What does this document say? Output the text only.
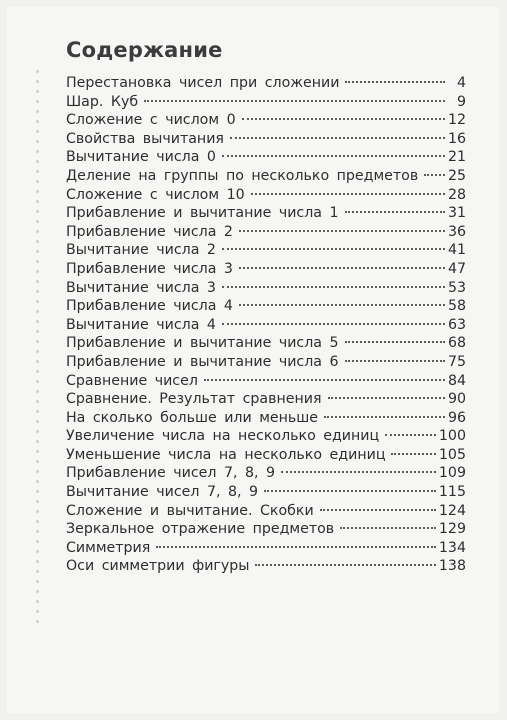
Содержание
Перестановка чисел при сложении	4
Шар. Куб	9
Сложение с числом 0	12
Свойства вычитания	16
Вычитание числа 0	21
Деление на группы по несколько предметов 25
Сложение с числом 10	28
Прибавление и вычитание числа 1	31
Прибавление числа 2	36
Вычитание числа 2	41
Прибавление числа 3	47
Вычитание числа 3	53
Прибавление числа 4	58
Вычитание числа 4	63
Прибавление и вычитание числа 5	68
Прибавление и вычитание числа 6	75
Сравнение чисел	84
Сравнение. Результат сравнения	90
На сколько больше или меньше	96
Увеличение числа на несколько единиц	100
Уменьшение числа на несколько единиц	105
Прибавление чисел 7, 8, 9	109
Вычитание чисел 7, 8, 9	115
Сложение и вычитание. Скобки	124
Зеркальное отражение предметов	129
Симметрия	134
Оси симметрии фигуры	138
